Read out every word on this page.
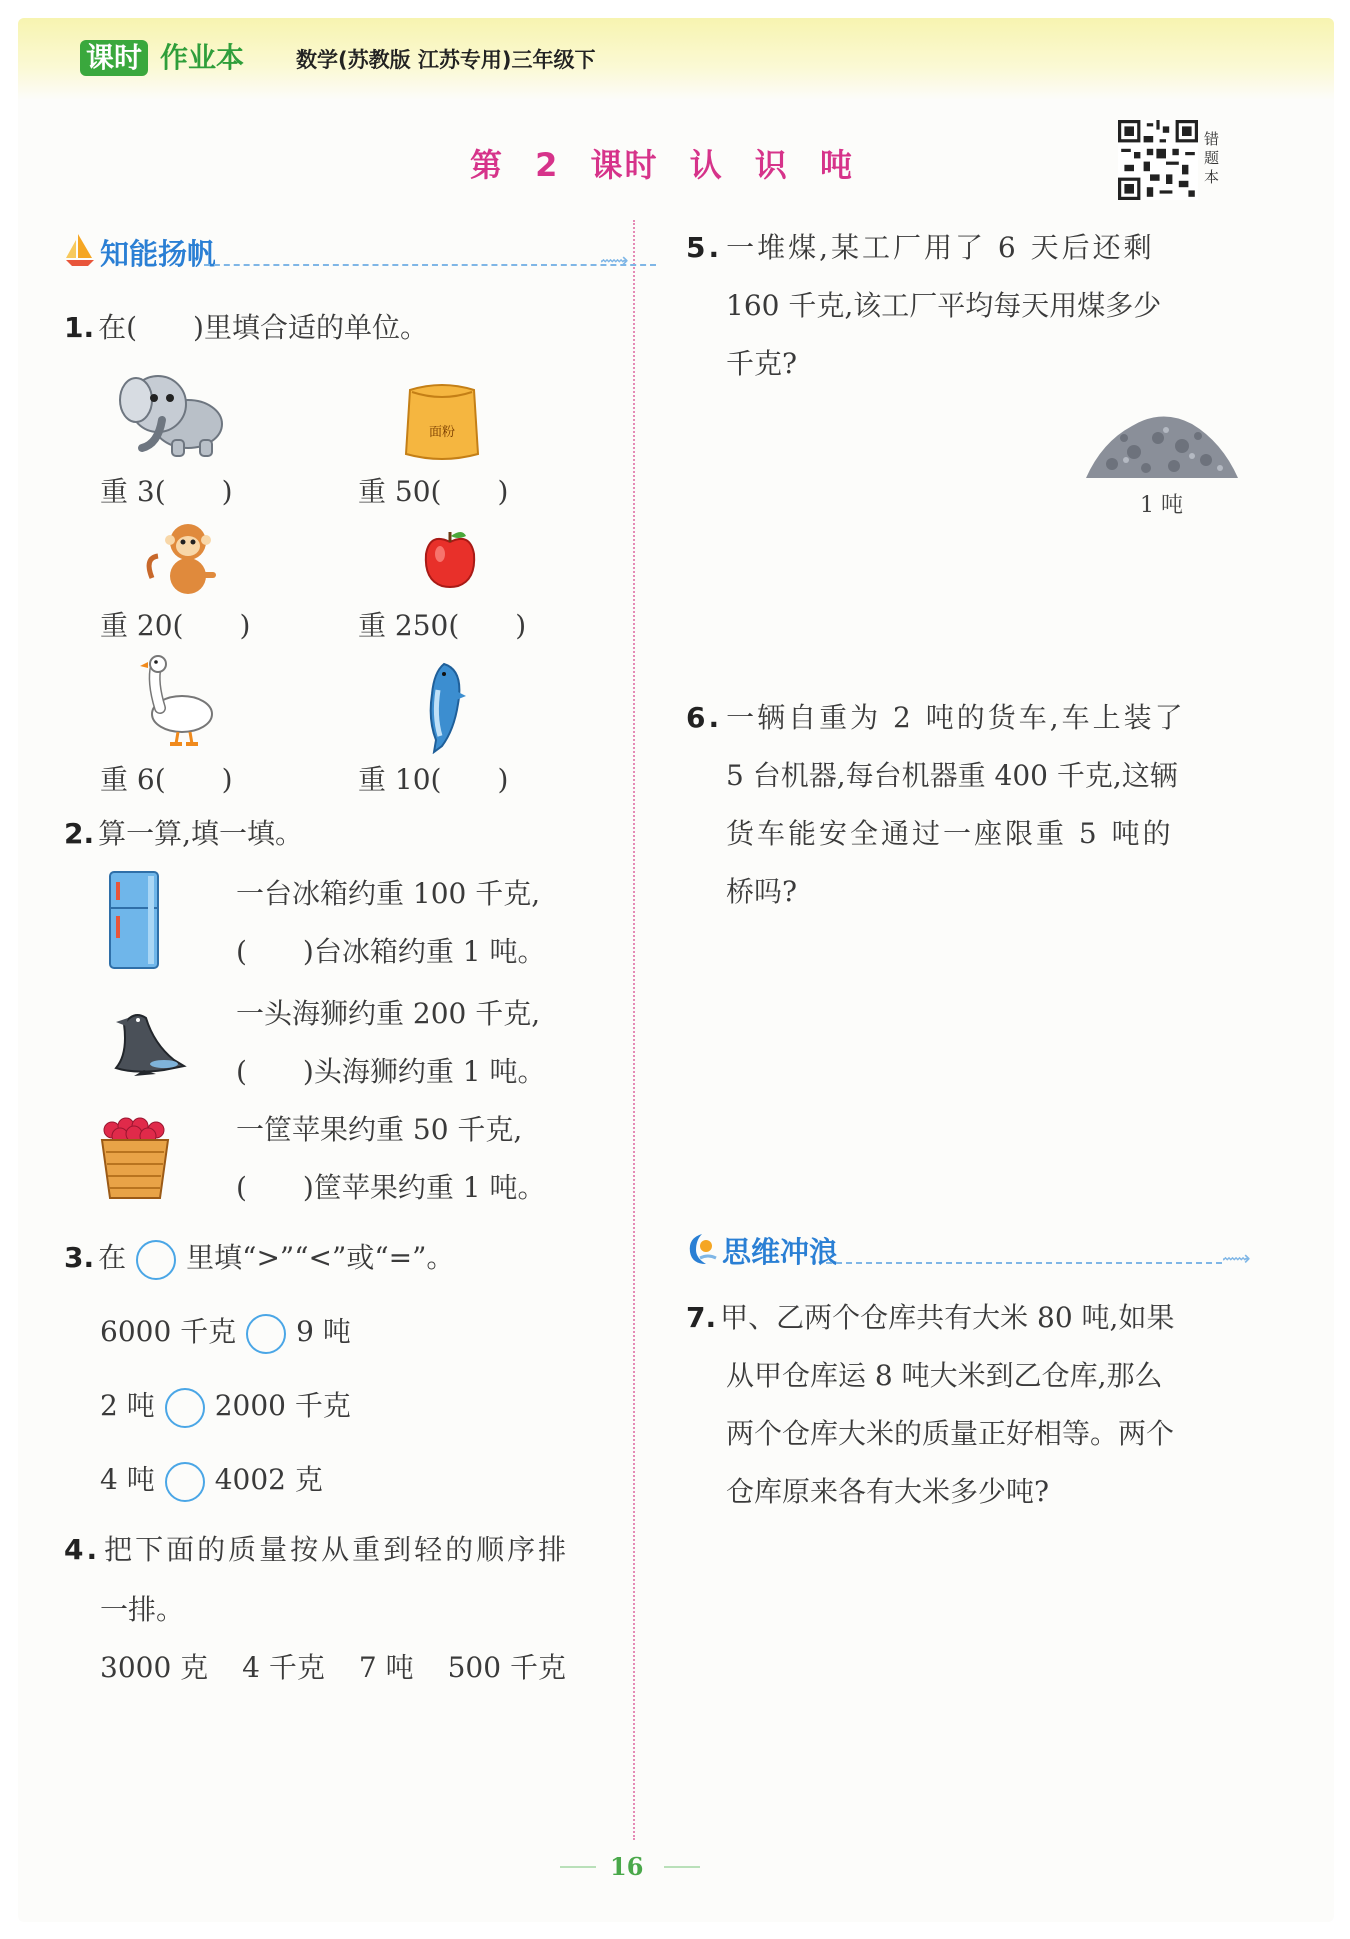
课时 作业本 数学(苏教版 江苏专用)三年级下
第 2 课时 认 识 吨
错题本
知能扬帆	⟿
1. 在(　　)里填合适的单位。
重 3(　　)
面粉
重 50(　　)
重 20(　　)	重 250(　　)
重 6(　　)	重 10(　　)
2. 算一算,填一填。
一台冰箱约重 100 千克,
(　　)台冰箱约重 1 吨。
一头海狮约重 200 千克,
(　　)头海狮约重 1 吨。
一筐苹果约重 50 千克,
(　　)筐苹果约重 1 吨。
3. 在 里填“>”“<”或“=”。
6000 千克 9 吨
2 吨 2000 千克
4 吨 4002 克
4. 把下面的质量按从重到轻的顺序排
一排。
3000 克 4 千克 7 吨 500 千克
5. 一堆煤,某工厂用了 6 天后还剩
160 千克,该工厂平均每天用煤多少
千克?
1 吨
6. 一辆自重为 2 吨的货车,车上装了
5 台机器,每台机器重 400 千克,这辆
货车能安全通过一座限重 5 吨的
桥吗?
思维冲浪	⟿
7. 甲、乙两个仓库共有大米 80 吨,如果
从甲仓库运 8 吨大米到乙仓库,那么
两个仓库大米的质量正好相等。两个
仓库原来各有大米多少吨?
16
